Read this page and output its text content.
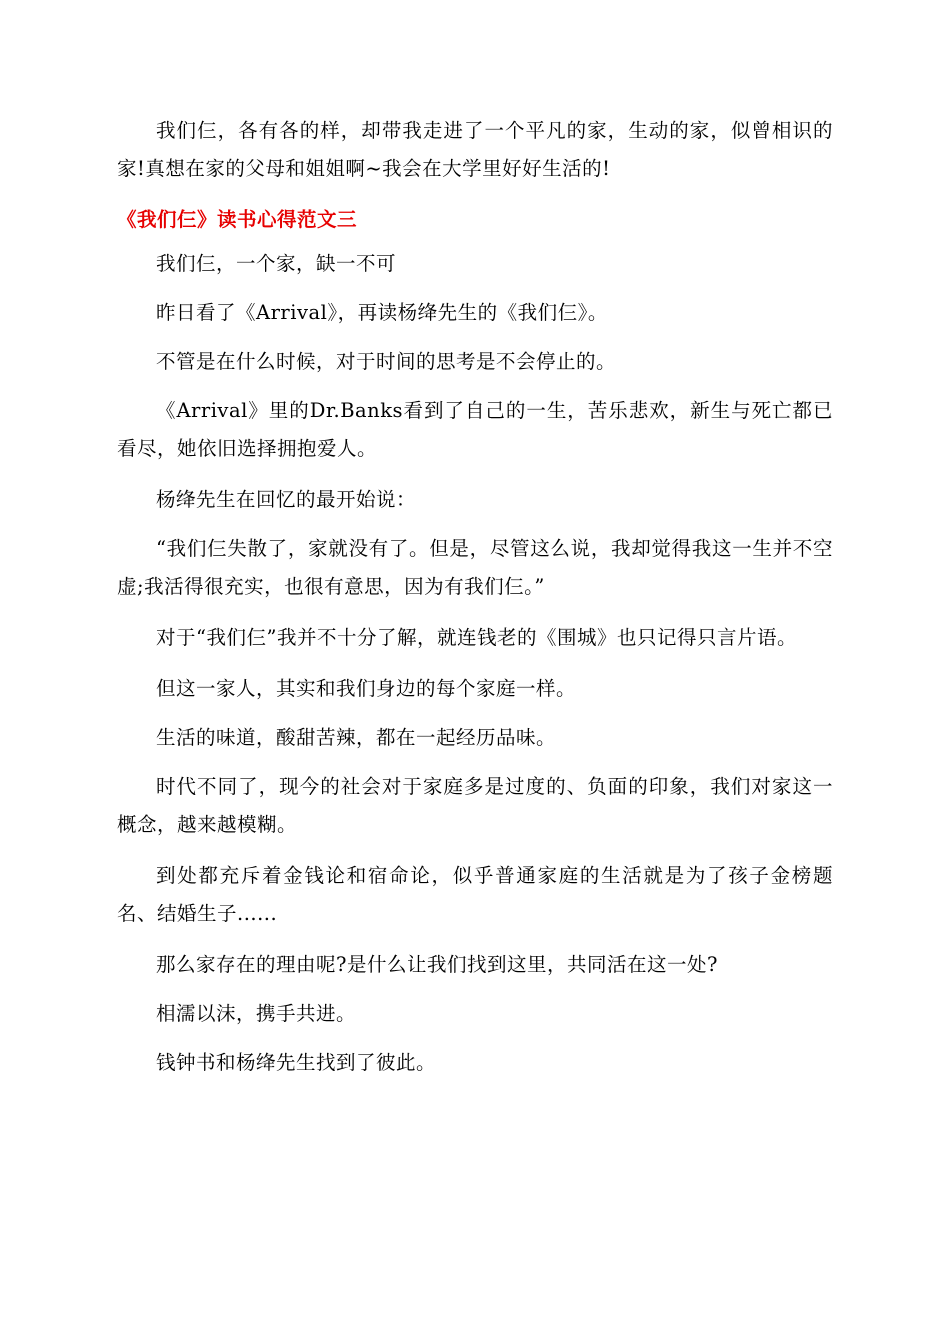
我们仨，各有各的样，却带我走进了一个平凡的家，生动的家，似曾相识的家!真想在家的父母和姐姐啊~我会在大学里好好生活的!

《我们仨》读书心得范文三

我们仨，一个家，缺一不可

昨日看了《Arrival》，再读杨绛先生的《我们仨》。

不管是在什么时候，对于时间的思考是不会停止的。

《Arrival》里的Dr.Banks看到了自己的一生，苦乐悲欢，新生与死亡都已看尽，她依旧选择拥抱爱人。

杨绛先生在回忆的最开始说：

“我们仨失散了，家就没有了。但是，尽管这么说，我却觉得我这一生并不空虚;我活得很充实，也很有意思，因为有我们仨。”

对于“我们仨”我并不十分了解，就连钱老的《围城》也只记得只言片语。

但这一家人，其实和我们身边的每个家庭一样。

生活的味道，酸甜苦辣，都在一起经历品味。

时代不同了，现今的社会对于家庭多是过度的、负面的印象，我们对家这一概念，越来越模糊。

到处都充斥着金钱论和宿命论，似乎普通家庭的生活就是为了孩子金榜题名、结婚生子......

那么家存在的理由呢?是什么让我们找到这里，共同活在这一处?

相濡以沫，携手共进。

钱钟书和杨绛先生找到了彼此。
